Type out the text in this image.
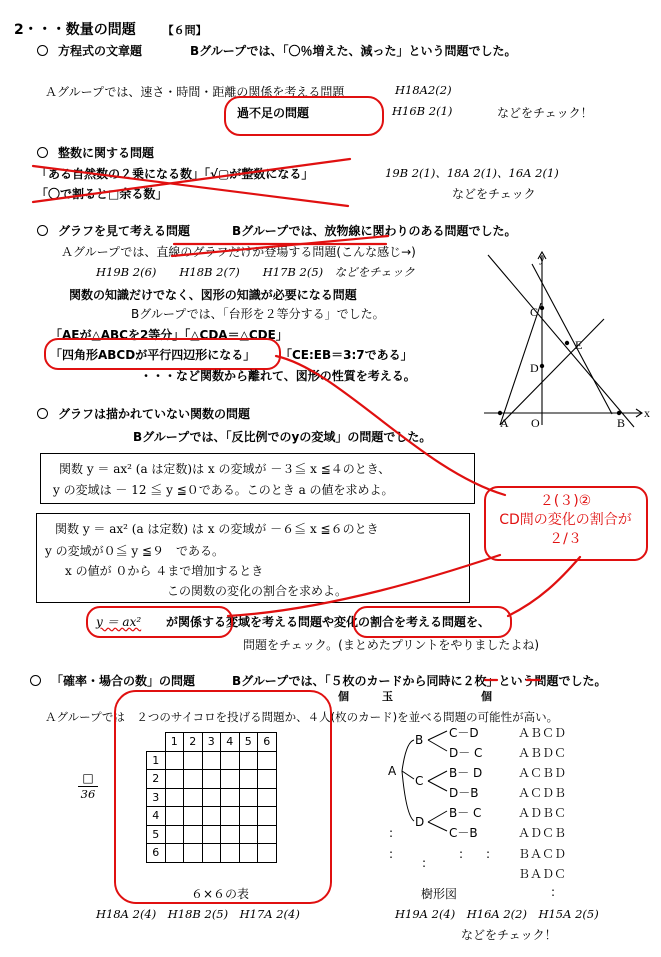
2・・・数量の問題 【６問】
方程式の文章題	Bグループでは、「〇％増えた、減った」という問題でした。
Ａグループでは、速さ・時間・距離の関係を考える問題	H18A2(2)
過不足の問題	H16B 2(1)	などをチェック！
整数に関する問題
「ある自然数の２乗になる数」「√▢が整数になる」	19B 2(1)、18A 2(1)、16A 2(1)
「〇で割ると□余る数」	などをチェック
グラフを見て考える問題	Bグループでは、放物線に関わりのある問題でした。
Ａグループでは、直線のグラフだけが登場する問題(こんな感じ→)
H19B 2(6)　　H18B 2(7)　　H17B 2(5)　などをチェック
関数の知識だけでなく、図形の知識が必要になる問題
Bグループでは、「台形を２等分する」でした。
「AEが△ABCを2等分」「△CDA＝△CDE」
「四角形ABCDが平行四辺形になる」 「CE:EB＝3:7である」
・・・など関数から離れて、図形の性質を考える。
y
x
C
E
D
A O	B
グラフは描かれていない関数の問題
Bグループでは、「反比例でのyの変域」の問題でした。
関数 y ＝ ax² (a は定数)は x の変域が －３≦ x ≦４のとき、
y の変域は － 12 ≦ y ≦０である。このとき a の値を求めよ。
関数 y ＝ ax² (a は定数) は x の変域が －６≦ x ≦６のとき
y の変域が０≦ y ≦９　である。
x の値が ０から ４まで増加するとき
この関数の変化の割合を求めよ。
２(３)②
CD間の変化の割合が
２/３
y ＝ ax² が関係する変域を考える問題や変化の割合を考える問題を、
問題をチェック。(まとめたプリントをやりましたよね)
「確率・場合の数」の問題	Bグループでは、「５枚のカードから同時に２枚」という問題でした。
個　　　玉　　　　　　　　個
Ａグループでは　２つのサイコロを投げる問題か、４人(枚のカード)を並べる問題の可能性が高い。
	1	2	3	4	5	6
1						
2						
3						
4						
5						
6						
□
36
６×６の表
H18A 2(4)　H18B 2(5)　H17A 2(4)
A
B
C
D
C－D
D－ C
B－ D
D－B
B－ C
C－B
ＡＢＣＤ
ＡＢＤＣ
ＡＣＢＤ
ＡＣＤＢ
ＡＤＢＣ
ＡＤＣＢ
ＢＡＣＤ
ＢＡＤＣ
:
:
:
: :
:
樹形図
H19A 2(4)　H16A 2(2)　H15A 2(5)
などをチェック！
